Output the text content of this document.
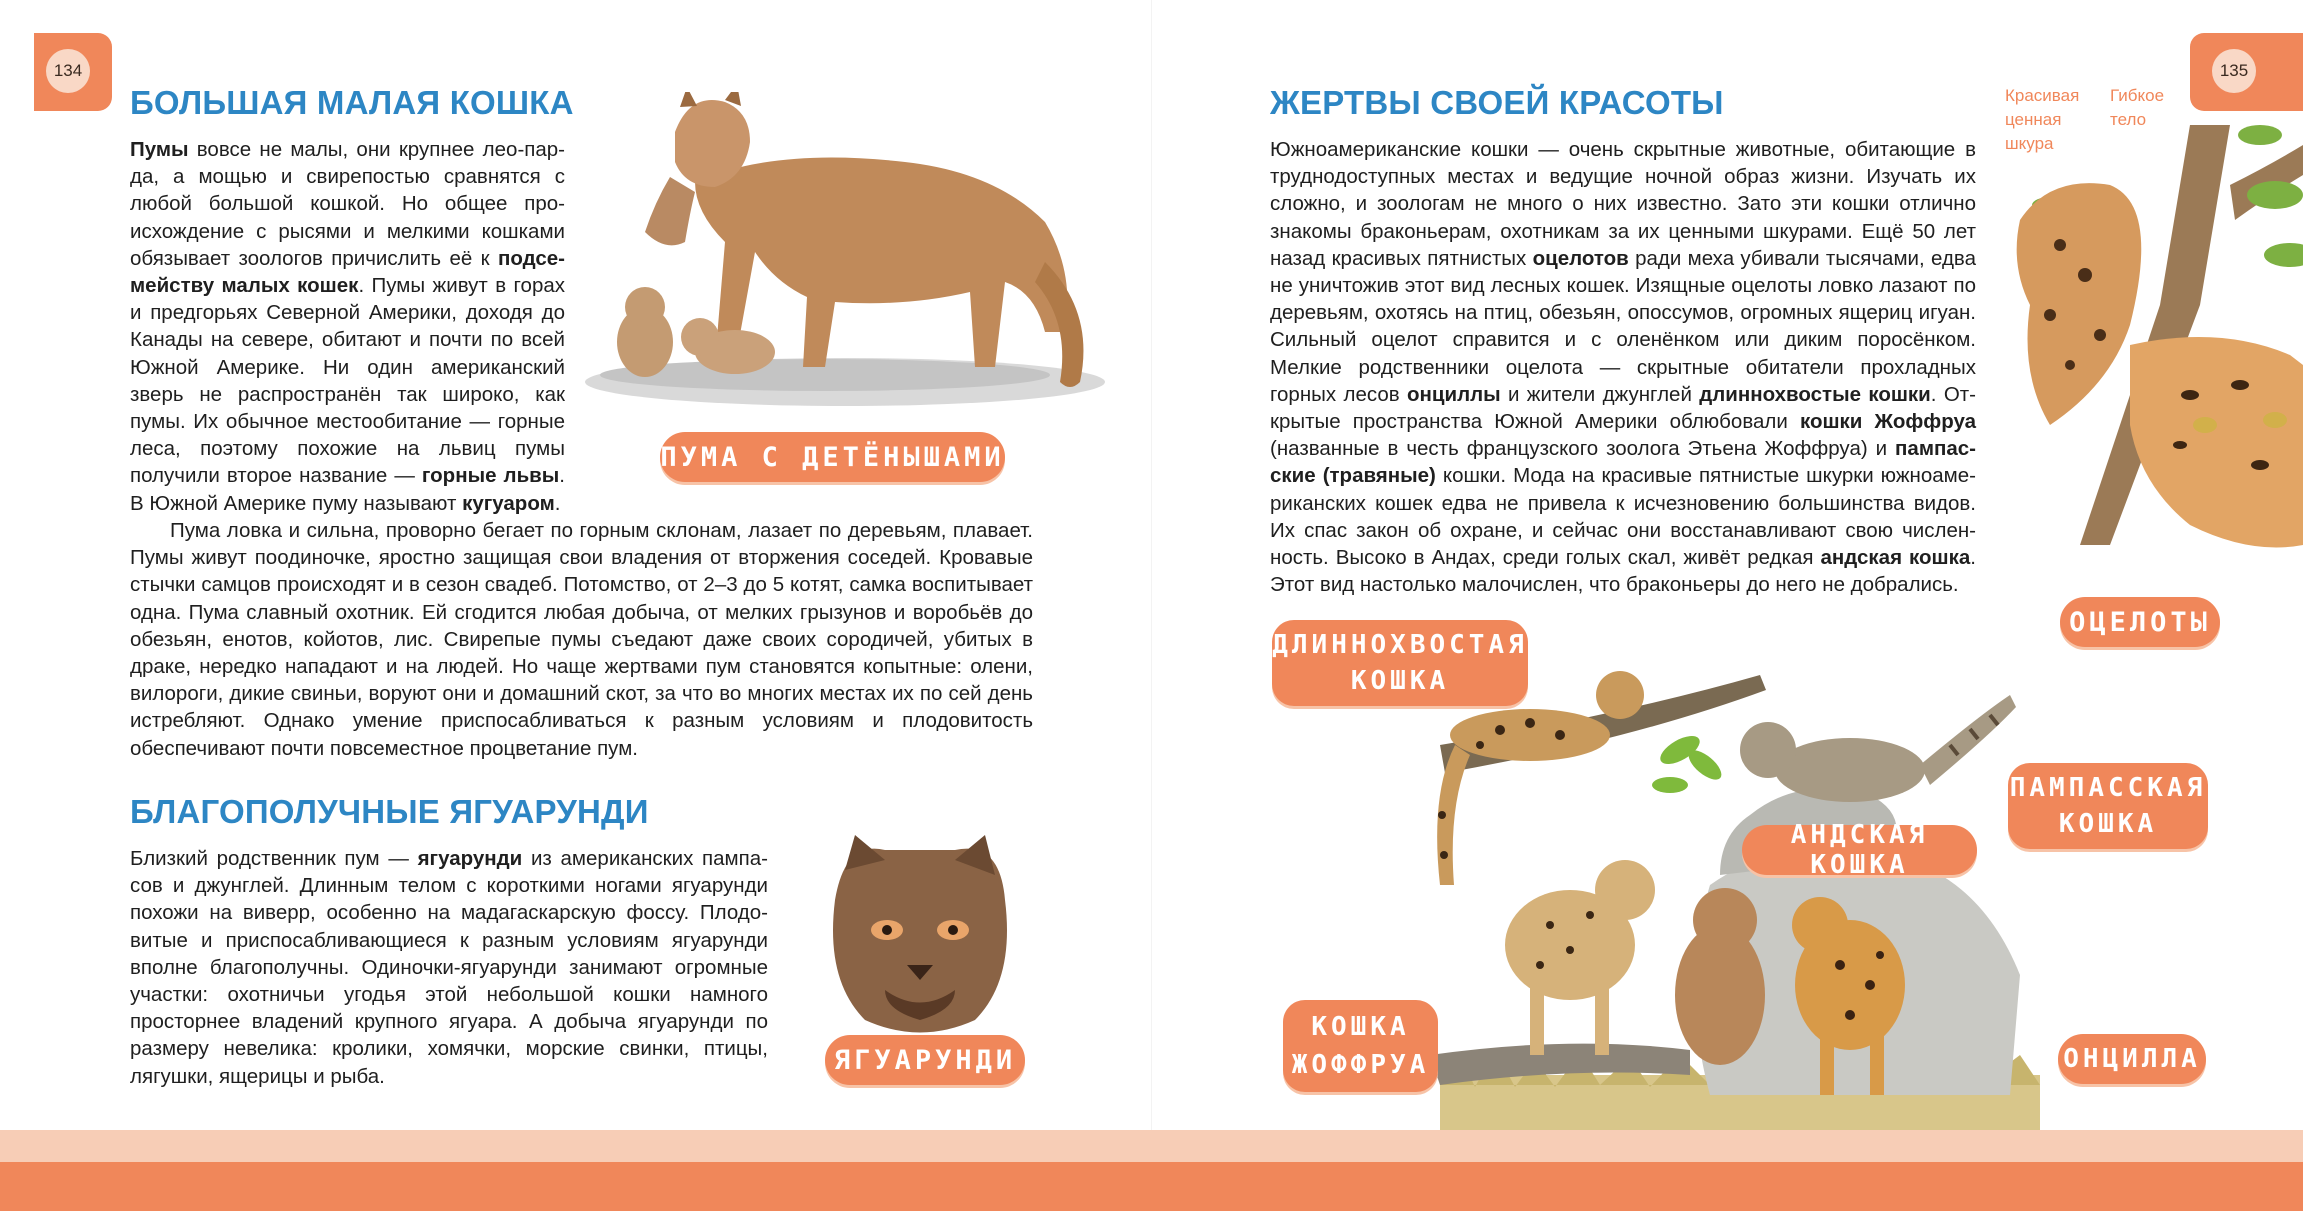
134	135
БОЛЬШАЯ МАЛАЯ КОШКА

Пумы вовсе не малы, они крупнее лео-парда, а мощью и свирепостью сравнятся с любой большой кошкой. Но общее происхождение с рысями и мелкими кошками обязывает зоологов причислить её к подсемейству малых кошек. Пумы живут в горах и предгорьях Северной Америки, доходя до Канады на севере, обитают и почти по всей Южной Америке. Ни один американский зверь не распространён так широко, как пумы. Их обычное местообитание — горные леса, поэтому похожие на львиц пумы получили второе название — горные львы. В Южной Америке пуму называют кугуаром.

Пума ловка и сильна, проворно бегает по горным склонам, лазает по деревьям, плавает. Пумы живут поодиночке, яростно защищая свои владения от вторжения соседей. Кровавые стычки самцов происходят и в сезон свадеб. Потомство, от 2–3 до 5 котят, самка воспитывает одна. Пума славный охотник. Ей сгодится любая добыча, от мелких грызунов и воробьёв до обезьян, енотов, койотов, лис. Свирепые пумы съедают даже своих сородичей, убитых в драке, нередко нападают и на людей. Но чаще жертвами пум становятся копытные: олени, вилороги, дикие свиньи, воруют они и домашний скот, за что во многих местах их по сей день истребляют. Однако умение приспосабливаться к разным условиям и плодовитость обеспечивают почти повсеместное процветание пум.

ПУМА С ДЕТЁНЫШАМИ
БЛАГОПОЛУЧНЫЕ ЯГУАРУНДИ

Близкий родственник пум — ягуарунди из американских пампасов и джунглей. Длинным телом с короткими ногами ягуарунди похожи на виверр, особенно на мадагаскарскую фоссу. Плодовитые и приспосабливающиеся к разным условиям ягуарунди вполне благополучны. Одиночки-ягуарунди занимают огромные участки: охотничьи угодья этой небольшой кошки намного просторнее владений крупного ягуара. А добыча ягуарунди по размеру невелика: кролики, хомячки, морские свинки, птицы, лягушки, ящерицы и рыба.

ЯГУАРУНДИ
ЖЕРТВЫ СВОЕЙ КРАСОТЫ

Южноамериканские кошки — очень скрытные животные, обитающие в труднодоступных местах и ведущие ночной образ жизни. Изучать их сложно, и зоологам не много о них известно. Зато эти кошки отлично знакомы браконьерам, охотникам за их ценными шкурами. Ещё 50 лет назад красивых пятнистых оцелотов ради меха убивали тысячами, едва не уничтожив этот вид лесных кошек. Изящные оцелоты ловко лазают по деревьям, охотясь на птиц, обезьян, опоссумов, огромных ящериц игуан. Сильный оцелот справится и с оленёнком или диким поросёнком. Мелкие родственники оцелота — скрытные обитатели прохладных горных лесов онциллы и жители джунглей длиннохвостые кошки. Открытые пространства Южной Америки облюбовали кошки Жоффруа (названные в честь французского зоолога Этьена Жоффруа) и пампасские (травяные) кошки. Мода на красивые пятнистые шкурки южноамериканских кошек едва не привела к исчезновению большинства видов. Их спас закон об охране, и сейчас они восстанавливают свою численность. Высоко в Андах, среди голых скал, живёт редкая андская кошка. Этот вид настолько малочислен, что браконьеры до него не добрались.

Красивая ценная шкура
Гибкое тело
ОЦЕЛОТЫ
ДЛИННОХВОСТАЯ
КОШКА
ПАМПАССКАЯ
КОШКА
АНДСКАЯ КОШКА
КОШКА
ЖОФФРУА	ОНЦИЛЛА
